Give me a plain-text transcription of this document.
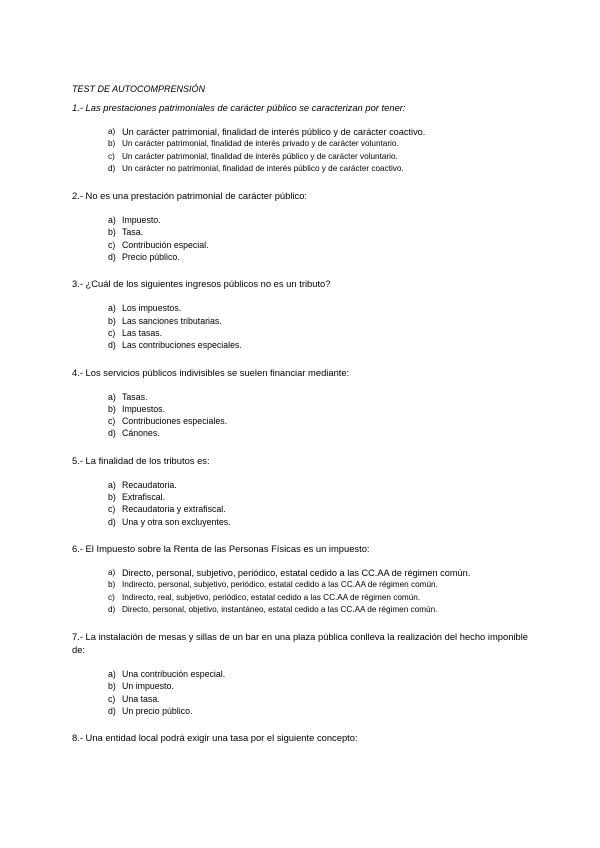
TEST DE AUTOCOMPRENSIÓN

1.- Las prestaciones patrimoniales de carácter público se caracterizan por tener:

a) Un carácter patrimonial, finalidad de interés público y de carácter coactivo.
b) Un carácter patrimonial, finalidad de interés privado y de carácter voluntario.
c) Un carácter patrimonial, finalidad de interés público y de carácter voluntario.
d) Un carácter no patrimonial, finalidad de interés público y de carácter coactivo.

2.- No es una prestación patrimonial de carácter público:

a) Impuesto.
b) Tasa.
c) Contribución especial.
d) Precio público.

3.- ¿Cuál de los siguientes ingresos públicos no es un tributo?

a) Los impuestos.
b) Las sanciones tributarias.
c) Las tasas.
d) Las contribuciones especiales.

4.- Los servicios públicos indivisibles se suelen financiar mediante:

a) Tasas.
b) Impuestos.
c) Contribuciones especiales.
d) Cánones.

5.- La finalidad de los tributos es:

a) Recaudatoria.
b) Extrafiscal.
c) Recaudatoria y extrafiscal.
d) Una y otra son excluyentes.

6.- El Impuesto sobre la Renta de las Personas Físicas es un impuesto:

a) Directo, personal, subjetivo, periódico, estatal cedido a las CC.AA de régimen común.
b) Indirecto, personal, subjetivo, periódico, estatal cedido a las CC.AA de régimen común.
c) Indirecto, real, subjetivo, periódico, estatal cedido a las CC.AA de régimen común.
d) Directo, personal, objetivo, instantáneo, estatal cedido a las CC.AA de régimen común.

7.- La instalación de mesas y sillas de un bar en una plaza pública conlleva la realización del hecho imponible de:

a) Una contribución especial.
b) Un impuesto.
c) Una tasa.
d) Un precio público.

8.- Una entidad local podrá exigir una tasa por el siguiente concepto:
